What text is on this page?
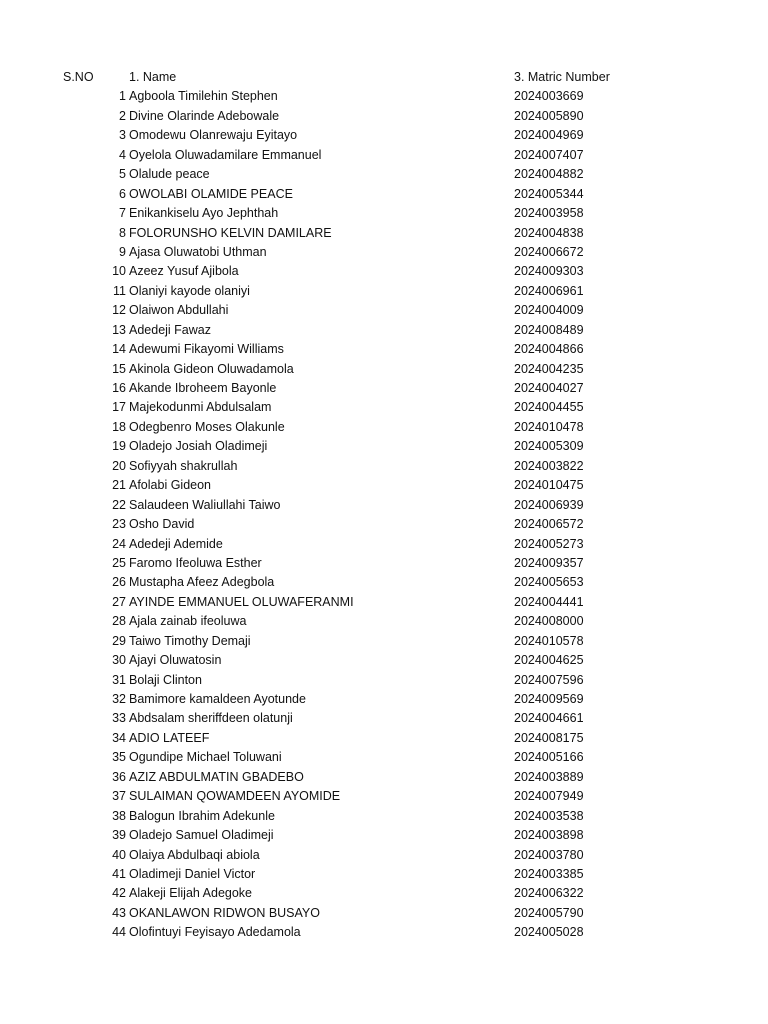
S.NO	1. Name	3. Matric Number
1 Agboola Timilehin Stephen	2024003669
2 Divine Olarinde Adebowale	2024005890
3 Omodewu Olanrewaju Eyitayo	2024004969
4 Oyelola Oluwadamilare Emmanuel	2024007407
5 Olalude peace	2024004882
6 OWOLABI OLAMIDE PEACE	2024005344
7 Enikankiselu Ayo Jephthah	2024003958
8 FOLORUNSHO KELVIN DAMILARE	2024004838
9 Ajasa Oluwatobi Uthman	2024006672
10 Azeez Yusuf Ajibola	2024009303
11 Olaniyi kayode olaniyi	2024006961
12 Olaiwon Abdullahi	2024004009
13 Adedeji Fawaz	2024008489
14 Adewumi Fikayomi Williams	2024004866
15 Akinola Gideon Oluwadamola	2024004235
16 Akande Ibroheem Bayonle	2024004027
17 Majekodunmi Abdulsalam	2024004455
18 Odegbenro Moses Olakunle	2024010478
19 Oladejo Josiah Oladimeji	2024005309
20 Sofiyyah shakrullah	2024003822
21 Afolabi Gideon	2024010475
22 Salaudeen Waliullahi Taiwo	2024006939
23 Osho David	2024006572
24 Adedeji Ademide	2024005273
25 Faromo Ifeoluwa Esther	2024009357
26 Mustapha Afeez Adegbola	2024005653
27 AYINDE EMMANUEL OLUWAFERANMI	2024004441
28 Ajala zainab ifeoluwa	2024008000
29 Taiwo Timothy Demaji	2024010578
30 Ajayi Oluwatosin	2024004625
31 Bolaji Clinton	2024007596
32 Bamimore kamaldeen Ayotunde	2024009569
33 Abdsalam sheriffdeen olatunji	2024004661
34 ADIO LATEEF	2024008175
35 Ogundipe Michael Toluwani	2024005166
36 AZIZ ABDULMATIN GBADEBO	2024003889
37 SULAIMAN QOWAMDEEN AYOMIDE	2024007949
38 Balogun Ibrahim Adekunle	2024003538
39 Oladejo Samuel Oladimeji	2024003898
40 Olaiya Abdulbaqi abiola	2024003780
41 Oladimeji Daniel Victor	2024003385
42 Alakeji Elijah Adegoke	2024006322
43 OKANLAWON RIDWON BUSAYO	2024005790
44 Olofintuyi Feyisayo Adedamola	2024005028
